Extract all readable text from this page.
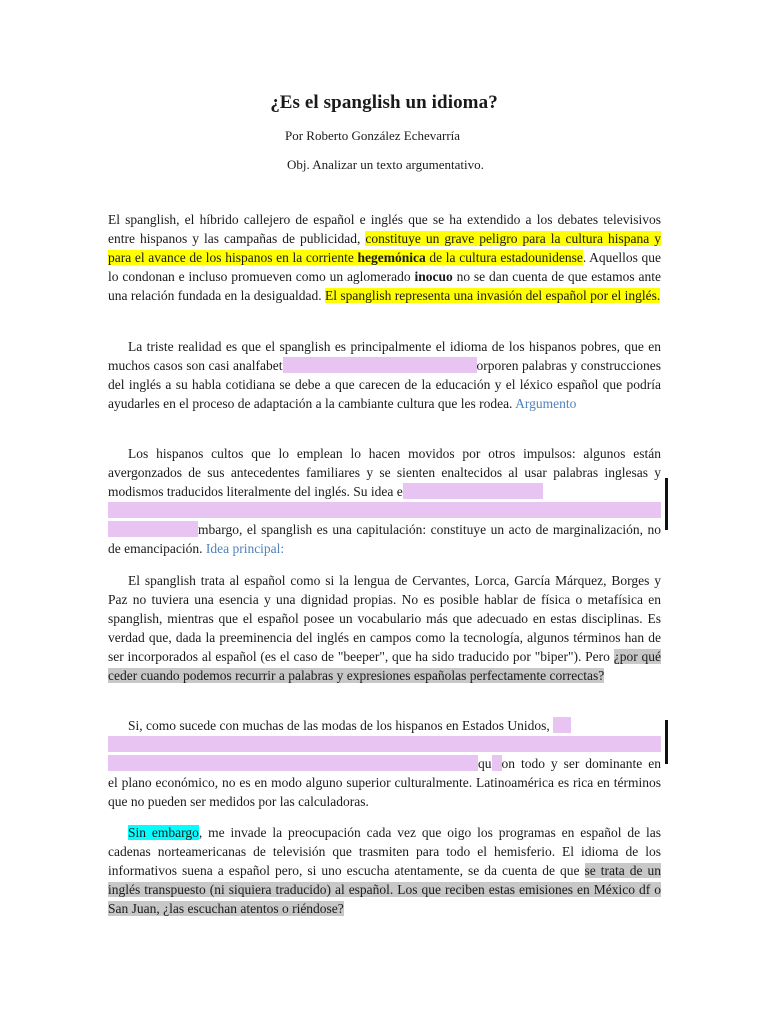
¿Es el spanglish un idioma?
Por Roberto González Echevarría
Obj. Analizar un texto argumentativo.

El spanglish, el híbrido callejero de español e inglés que se ha extendido a los debates televisivos entre hispanos y las campañas de publicidad, constituye un grave peligro para la cultura hispana y para el avance de los hispanos en la corriente hegemónica de la cultura estadounidense. Aquellos que lo condonan e incluso promueven como un aglomerado inocuo no se dan cuenta de que estamos ante una relación fundada en la desigualdad. El spanglish representa una invasión del español por el inglés.

La triste realidad es que el spanglish es principalmente el idioma de los hispanos pobres, que en muchos casos son casi analfabet	orporen palabras y construcciones del inglés a su habla cotidiana se debe a que carecen de la educación y el léxico español que podría ayudarles en el proceso de adaptación a la cambiante cultura que les rodea. Argumento

Los hispanos cultos que lo emplean lo hacen movidos por otros impulsos: algunos están avergonzados de sus antecedentes familiares y se sienten enaltecidos al usar palabras inglesas y modismos traducidos literalmente del inglés. Su idea e

mbargo, el spanglish es una capitulación: constituye un acto de marginalización, no de emancipación. Idea principal:

El spanglish trata al español como si la lengua de Cervantes, Lorca, García Márquez, Borges y Paz no tuviera una esencia y una dignidad propias. No es posible hablar de física o metafísica en spanglish, mientras que el español posee un vocabulario más que adecuado en estas disciplinas. Es verdad que, dada la preeminencia del inglés en campos como la tecnología, algunos términos han de ser incorporados al español (es el caso de "beeper", que ha sido traducido por "biper"). Pero ¿por qué ceder cuando podemos recurrir a palabras y expresiones españolas perfectamente correctas?

Si, como sucede con muchas de las modas de los hispanos en Estados Unidos,

qu on todo y ser dominante en el plano económico, no es en modo alguno superior culturalmente. Latinoamérica es rica en términos que no pueden ser medidos por las calculadoras.

Sin embargo, me invade la preocupación cada vez que oigo los programas en español de las cadenas norteamericanas de televisión que trasmiten para todo el hemisferio. El idioma de los informativos suena a español pero, si uno escucha atentamente, se da cuenta de que se trata de un inglés transpuesto (ni siquiera traducido) al español. Los que reciben estas emisiones en México df o San Juan, ¿las escuchan atentos o riéndose?
